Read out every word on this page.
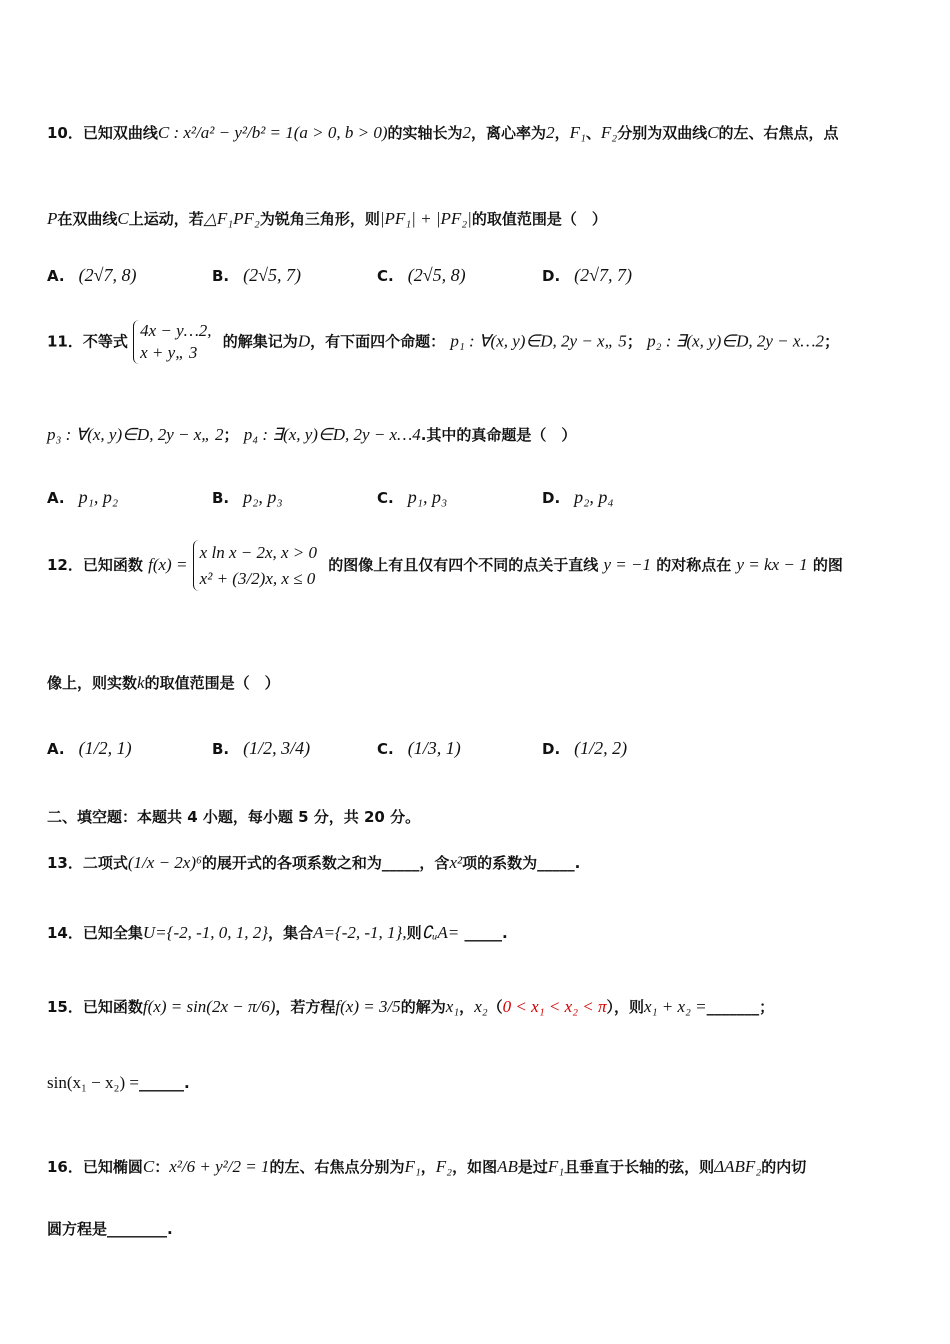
10．已知双曲线C : x²/a² − y²/b² = 1(a > 0, b > 0)的实轴长为2，离心率为2，F₁、F₂分别为双曲线C的左、右焦点，点
P在双曲线C上运动，若△F₁PF₂为锐角三角形，则|PF₁| + |PF₂|的取值范围是（　）
A. (2√7, 8)	B. (2√5, 7)	C. (2√5, 8)	D. (2√7, 7)
11．不等式
4x − y…2,
x + y„ 3
的解集记为D，有下面四个命题： p₁ : ∀(x, y)∈D, 2y − x„ 5； p₂ : ∃(x, y)∈D, 2y − x…2；
p₃ : ∀(x, y)∈D, 2y − x„ 2； p₄ : ∃(x, y)∈D, 2y − x…4.其中的真命题是（　）
A. p₁, p₂	B. p₂, p₃	C. p₁, p₃	D. p₂, p₄
12．已知函数 f(x) =
x ln x − 2x, x > 0
x² + (3/2)x, x ≤ 0
的图像上有且仅有四个不同的点关于直线 y = −1 的对称点在 y = kx − 1 的图
像上，则实数k的取值范围是（　）
A. (1/2, 1)	B. (1/2, 3/4)	C. (1/3, 1)	D. (1/2, 2)
二、填空题：本题共 4 小题，每小题 5 分，共 20 分。
13．二项式(1/x − 2x)⁶的展开式的各项系数之和为_____，含x²项的系数为_____.
14．已知全集U={-2, -1, 0, 1, 2}，集合A={-2, -1, 1},则∁ᵤA= _____.
15．已知函数f(x) = sin(2x − π/6)，若方程f(x) = 3/5的解为x₁，x₂（0 < x₁ < x₂ < π），则x₁ + x₂ =_______；
sin(x₁ − x₂) =______.
16．已知椭圆C：x²/6 + y²/2 = 1的左、右焦点分别为F₁，F₂，如图AB是过F₁且垂直于长轴的弦，则ΔABF₂的内切
圆方程是________.
